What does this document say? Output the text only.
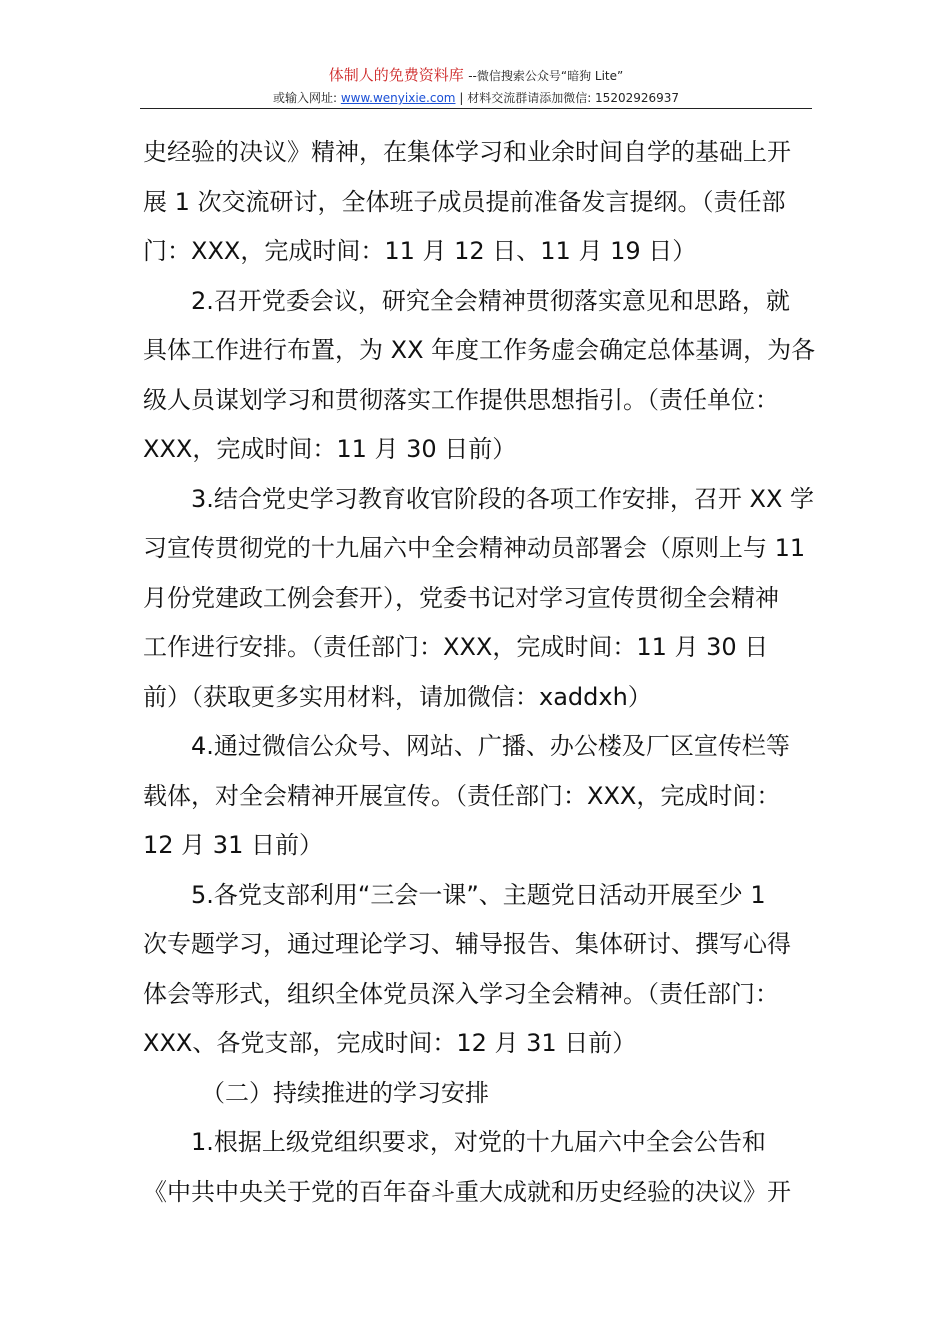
体制人的免费资料库 --微信搜索公众号“暗狗 Lite”
或输入网址: www.wenyixie.com | 材料交流群请添加微信: 15202926937
史经验的决议》精神，在集体学习和业余时间自学的基础上开
展 1 次交流研讨，全体班子成员提前准备发言提纲。（责任部
门：XXX，完成时间：11 月 12 日、11 月 19 日）
2.召开党委会议，研究全会精神贯彻落实意见和思路，就
具体工作进行布置，为 XX 年度工作务虚会确定总体基调，为各
级人员谋划学习和贯彻落实工作提供思想指引。（责任单位：
XXX，完成时间：11 月 30 日前）
3.结合党史学习教育收官阶段的各项工作安排，召开 XX 学
习宣传贯彻党的十九届六中全会精神动员部署会（原则上与 11
月份党建政工例会套开），党委书记对学习宣传贯彻全会精神
工作进行安排。（责任部门：XXX，完成时间：11 月 30 日
前）（获取更多实用材料，请加微信：xaddxh）
4.通过微信公众号、网站、广播、办公楼及厂区宣传栏等
载体，对全会精神开展宣传。（责任部门：XXX，完成时间：
12 月 31 日前）
5.各党支部利用“三会一课”、主题党日活动开展至少 1
次专题学习，通过理论学习、辅导报告、集体研讨、撰写心得
体会等形式，组织全体党员深入学习全会精神。（责任部门：
XXX、各党支部，完成时间：12 月 31 日前）
（二）持续推进的学习安排
1.根据上级党组织要求，对党的十九届六中全会公告和
《中共中央关于党的百年奋斗重大成就和历史经验的决议》开
